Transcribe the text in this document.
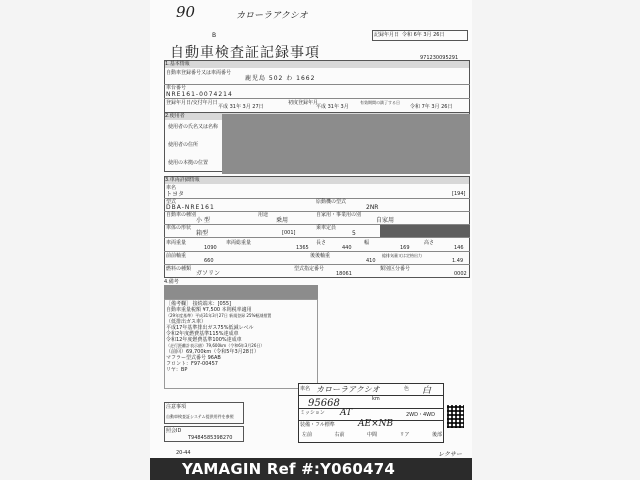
90	カローラアクシオ
B
自動車検査証記録事項
記録年月日 令和 6年 3月 26日
971230095291
1.基本情報
自動車登録番号又は車両番号
鹿児島 502 わ 1662
車台番号
NRE161-0074214
登録年月日/交付年月日
平成 31年 3月 27日
初度登録年月
平成 31年 3月
有効期間の満了する日
令和 7年 3月 26日
2.使用者
使用者の氏名又は名称
使用者の住所
使用の本拠の位置
3.車両詳細情報
車名
トヨタ	[194]
型式
DBA-NRE161
原動機の型式
2NR
自動車の種別
小 型
用途
乗用
自家用・事業用の別
自家用
車体の形状
箱型	[001]
乗車定員
5
車両重量
1090
車両総重量
1365
長さ
440
幅
169
高さ
146
前前軸重
660
後後軸重
410
総排気量又は定格出力
1.49
燃料の種類
ガソリン
型式指定番号
18061
類別区分番号
0002
4.備考
［備考欄］ 接続端末：[055]
自動車重量税額 ¥7,500 本則税率適用
（29年度基準）平成31年3月27日 新規登録 25%軽減措置
（低排出ガス車）
平成17年基準排出ガス75%低減レベル
令和2年度燃費基準115%達成車
令和12年度燃費基準100%達成車
（走行距離計表示値）79,600km（令和6年3月26日）
（前回）69,700km（令和5年3月28日）
マフラー型式番号 96AB
フロント：F97-00457
リヤ：BP
注意事項
自動車検査証システム提供用件を参照
照会ID
T9484585398270
20-44
車名 カローラアクシオ	色 白
km
95668
ミッション AT	2WD・4WD
装備・フル標準	AE×NB
左前	右前	中間	リア	後部
レクサー
YAMAGIN Ref #:Y060474
